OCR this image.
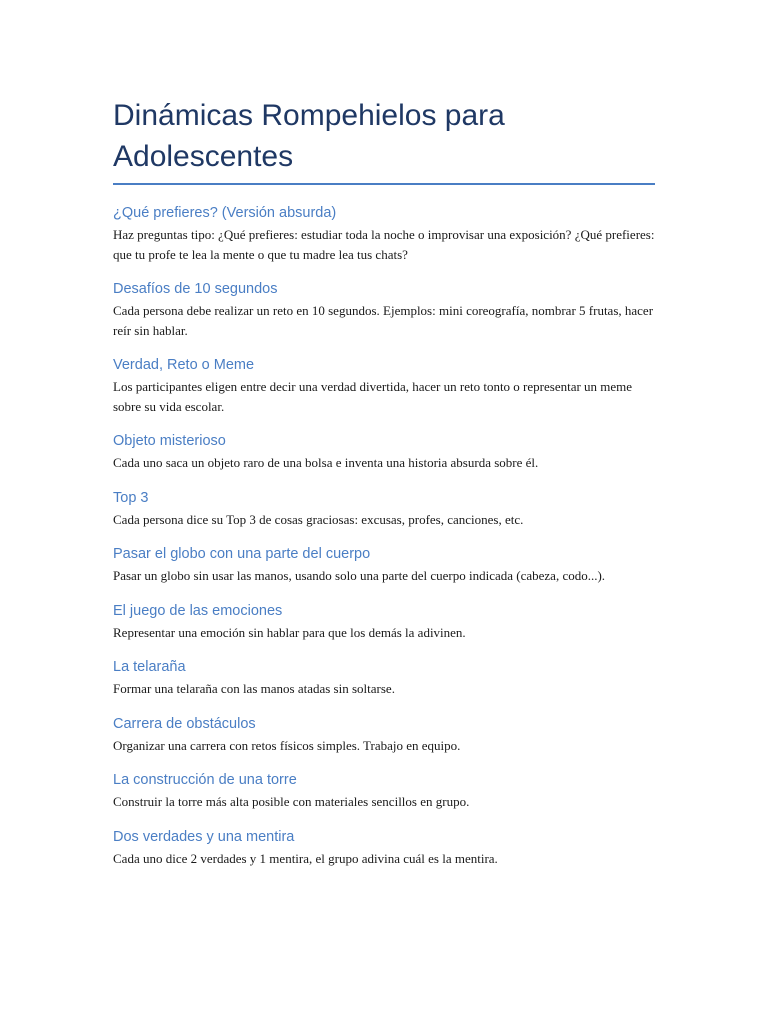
Dinámicas Rompehielos para Adolescentes
¿Qué prefieres? (Versión absurda)

Haz preguntas tipo: ¿Qué prefieres: estudiar toda la noche o improvisar una exposición? ¿Qué prefieres: que tu profe te lea la mente o que tu madre lea tus chats?

Desafíos de 10 segundos

Cada persona debe realizar un reto en 10 segundos. Ejemplos: mini coreografía, nombrar 5 frutas, hacer reír sin hablar.

Verdad, Reto o Meme

Los participantes eligen entre decir una verdad divertida, hacer un reto tonto o representar un meme sobre su vida escolar.

Objeto misterioso

Cada uno saca un objeto raro de una bolsa e inventa una historia absurda sobre él.

Top 3

Cada persona dice su Top 3 de cosas graciosas: excusas, profes, canciones, etc.

Pasar el globo con una parte del cuerpo

Pasar un globo sin usar las manos, usando solo una parte del cuerpo indicada (cabeza, codo...).

El juego de las emociones

Representar una emoción sin hablar para que los demás la adivinen.

La telaraña

Formar una telaraña con las manos atadas sin soltarse.

Carrera de obstáculos

Organizar una carrera con retos físicos simples. Trabajo en equipo.

La construcción de una torre

Construir la torre más alta posible con materiales sencillos en grupo.

Dos verdades y una mentira

Cada uno dice 2 verdades y 1 mentira, el grupo adivina cuál es la mentira.
